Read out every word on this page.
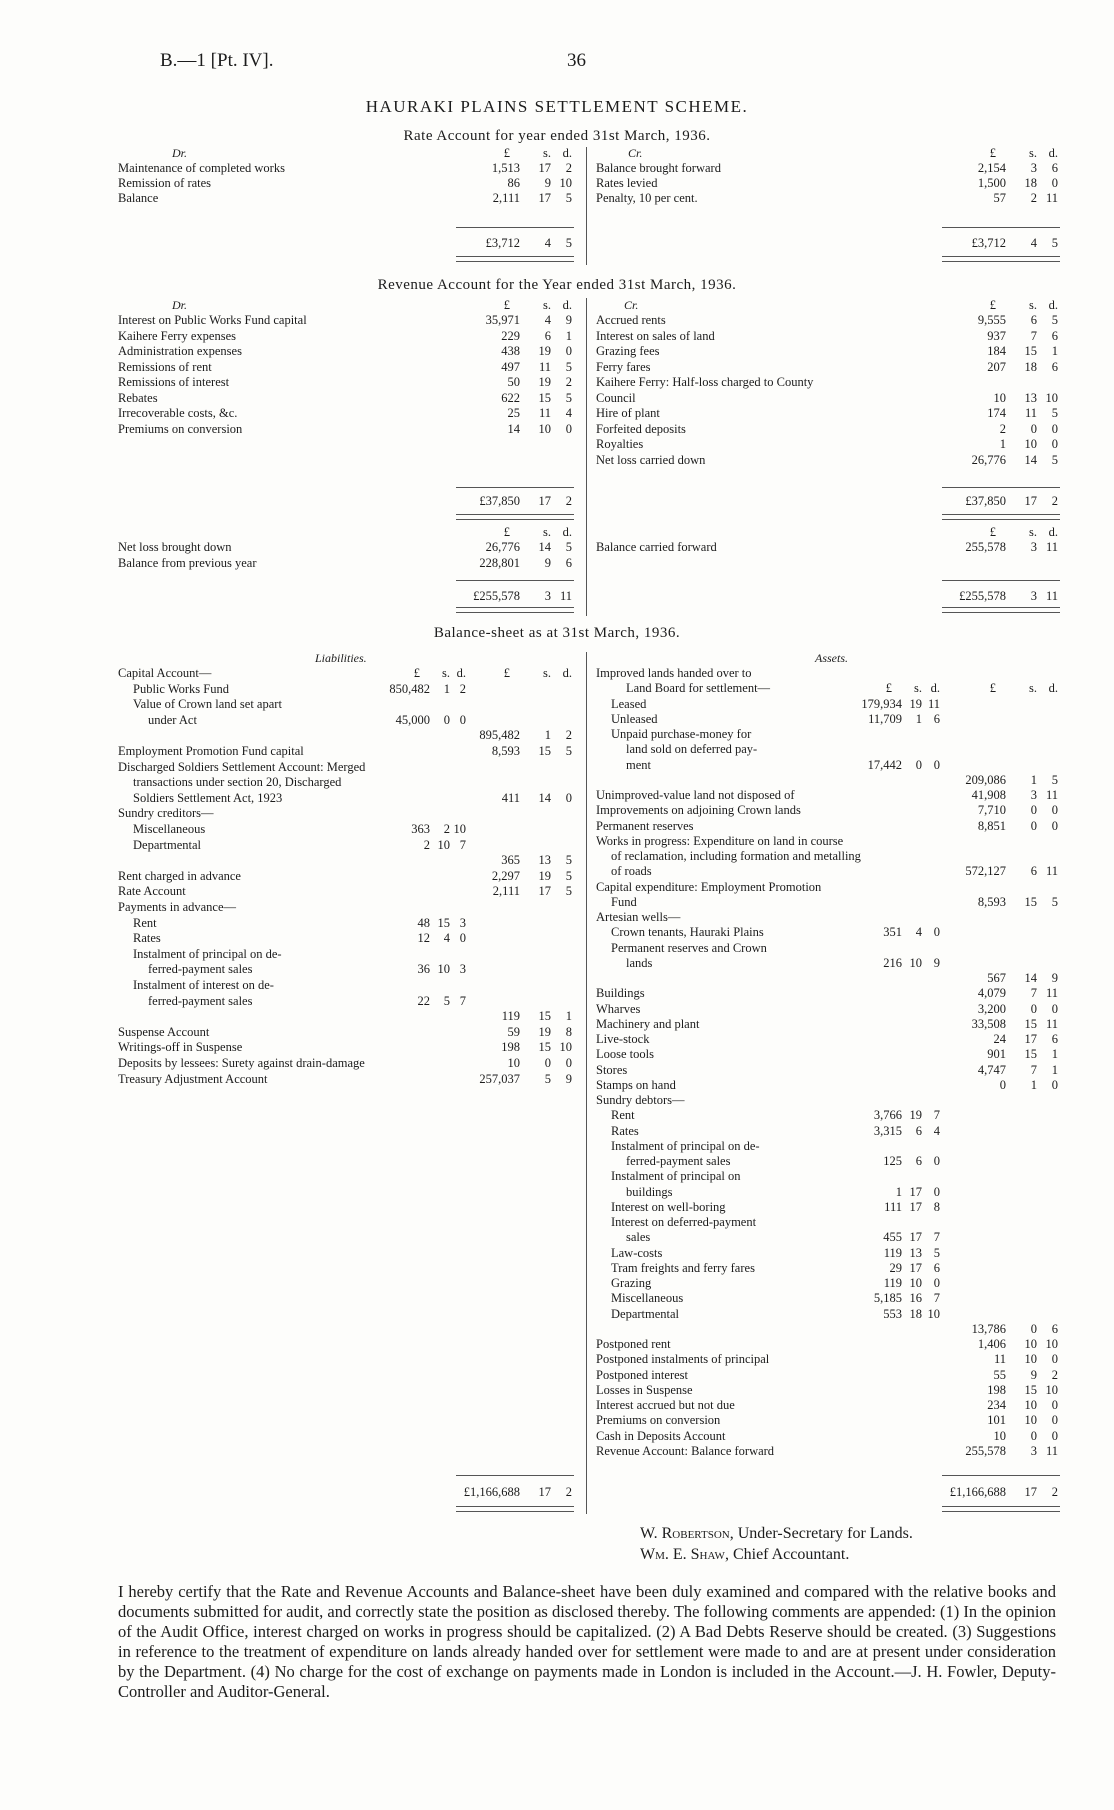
B.—1 [Pt. IV].	36
HAURAKI PLAINS SETTLEMENT SCHEME.
Rate Account for year ended 31st March, 1936.
Dr.	Cr.
£	s. d.	£	s. d.
Maintenance of completed works	1,513 17 2
Remission of rates	86 9 10
Balance	2,111 17 5
Balance brought forward	2,154 3 6
Rates levied	1,500 18 0
Penalty, 10 per cent.	57 2 11
£3,712 4 5	£3,712 4 5
Revenue Account for the Year ended 31st March, 1936.
Dr.	Cr.
£	s. d.	£	s. d.
Interest on Public Works Fund capital	35,971 4 9
Kaihere Ferry expenses	229 6 1
Administration expenses	438 19 0
Remissions of rent	497 11 5
Remissions of interest	50 19 2
Rebates	622 15 5
Irrecoverable costs, &c.	25 11 4
Premiums on conversion	14 10 0
Accrued rents	9,555 6 5
Interest on sales of land	937 7 6
Grazing fees	184 15 1
Ferry fares	207 18 6
Kaihere Ferry: Half-loss charged to County
Council	10 13 10
Hire of plant	174 11 5
Forfeited deposits	2 0 0
Royalties	1 10 0
Net loss carried down	26,776 14 5
£37,850 17 2	£37,850 17 2
£	s. d.	£	s. d.
Net loss brought down	26,776 14 5
Balance from previous year	228,801 9 6
Balance carried forward	255,578 3 11
£255,578 3 11	£255,578 3 11
Balance-sheet as at 31st March, 1936.
Liabilities.	Assets.
£	s. d.
£ s. d.
£	s. d.
£ s. d.
Capital Account—
Public Works Fund	850,482 1 2
Value of Crown land set apart
under Act	45,000 0 0
895,482 1 2
Employment Promotion Fund capital	8,593 15 5
Discharged Soldiers Settlement Account: Merged
transactions under section 20, Discharged
Soldiers Settlement Act, 1923	411 14 0
Sundry creditors—
Miscellaneous	363 2 10
Departmental	2 10 7
365 13 5
Rent charged in advance	2,297 19 5
Rate Account	2,111 17 5
Payments in advance—
Rent	48 15 3
Rates	12 4 0
Instalment of principal on de-
ferred-payment sales	36 10 3
Instalment of interest on de-
ferred-payment sales	22 5 7
119 15 1
Suspense Account	59 19 8
Writings-off in Suspense	198 15 10
Deposits by lessees: Surety against drain-damage	10 0 0
Treasury Adjustment Account	257,037 5 9
Improved lands handed over to
Land Board for settlement—
Leased	179,934 19 11
Unleased	11,709 1 6
Unpaid purchase-money for
land sold on deferred pay-
ment	17,442 0 0
209,086 1 5
Unimproved-value land not disposed of	41,908 3 11
Improvements on adjoining Crown lands	7,710 0 0
Permanent reserves	8,851 0 0
Works in progress: Expenditure on land in course
of reclamation, including formation and metalling
of roads	572,127 6 11
Capital expenditure: Employment Promotion
Fund	8,593 15 5
Artesian wells—
Crown tenants, Hauraki Plains	351 4 0
Permanent reserves and Crown
lands	216 10 9
567 14 9
Buildings	4,079 7 11
Wharves	3,200 0 0
Machinery and plant	33,508 15 11
Live-stock	24 17 6
Loose tools	901 15 1
Stores	4,747 7 1
Stamps on hand	0 1 0
Sundry debtors—
Rent	3,766 19 7
Rates	3,315 6 4
Instalment of principal on de-
ferred-payment sales	125 6 0
Instalment of principal on
buildings	1 17 0
Interest on well-boring	111 17 8
Interest on deferred-payment
sales	455 17 7
Law-costs	119 13 5
Tram freights and ferry fares	29 17 6
Grazing	119 10 0
Miscellaneous	5,185 16 7
Departmental	553 18 10
13,786 0 6
Postponed rent	1,406 10 10
Postponed instalments of principal	11 10 0
Postponed interest	55 9 2
Losses in Suspense	198 15 10
Interest accrued but not due	234 10 0
Premiums on conversion	101 10 0
Cash in Deposits Account	10 0 0
Revenue Account: Balance forward	255,578 3 11
£1,166,688 17 2	£1,166,688 17 2
W. Robertson, Under-Secretary for Lands.
Wm. E. Shaw, Chief Accountant.
I hereby certify that the Rate and Revenue Accounts and Balance-sheet have been duly examined and compared with the relative books and documents submitted for audit, and correctly state the position as disclosed thereby. The following comments are appended: (1) In the opinion of the Audit Office, interest charged on works in progress should be capitalized. (2) A Bad Debts Reserve should be created. (3) Suggestions in reference to the treatment of expenditure on lands already handed over for settlement were made to and are at present under consideration by the Department. (4) No charge for the cost of exchange on payments made in London is included in the Account.—J. H. Fowler, Deputy-Controller and Auditor-General.
